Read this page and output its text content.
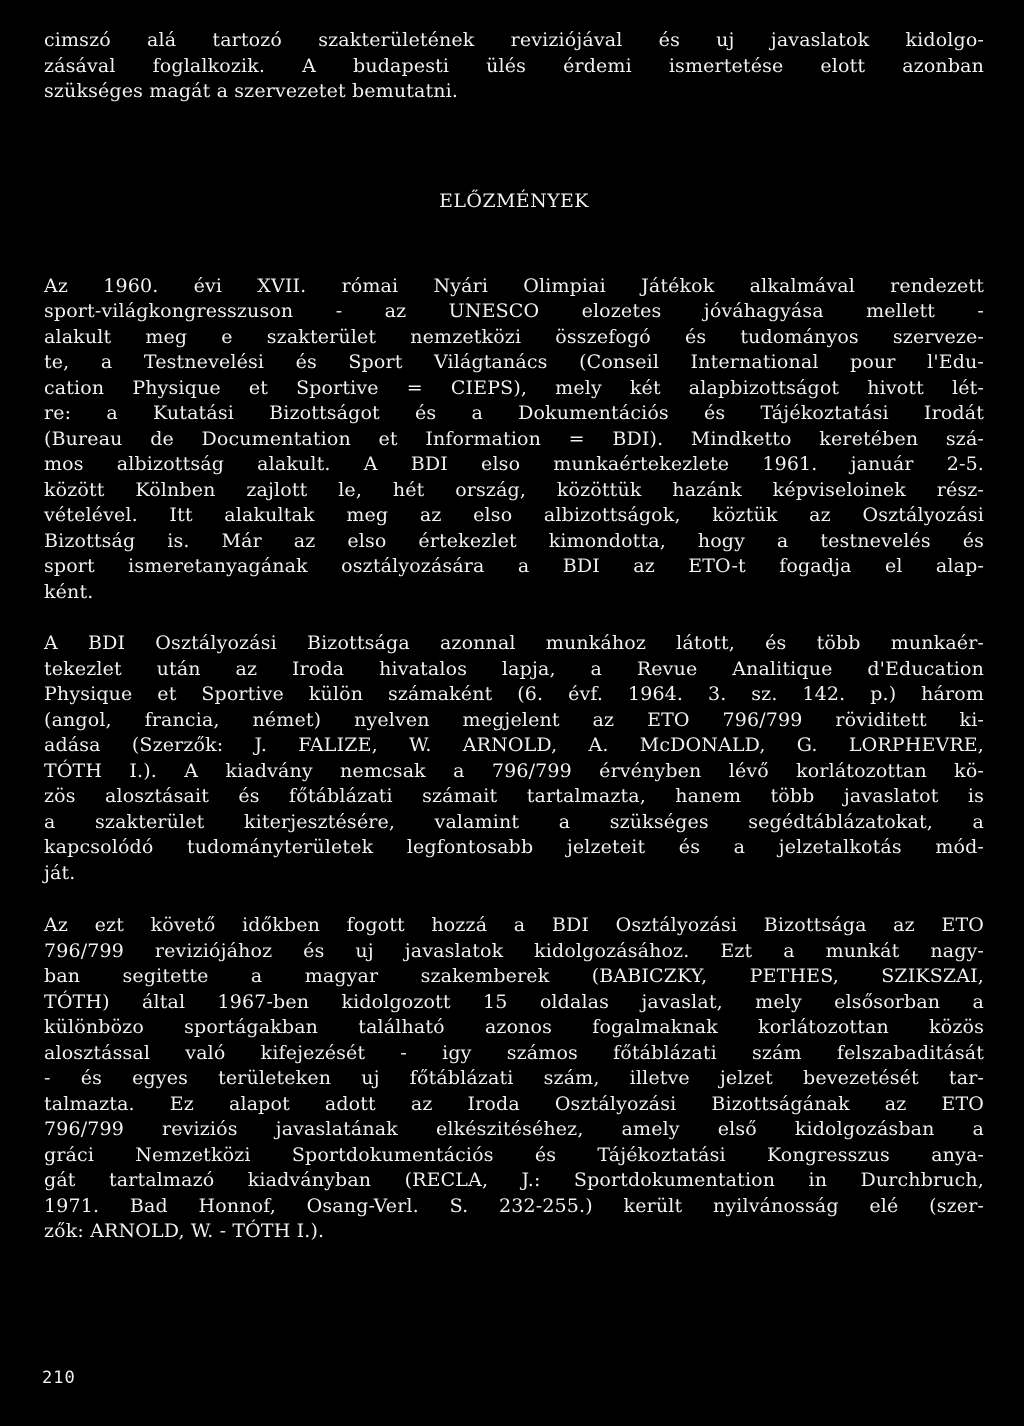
cimszó alá tartozó szakterületének reviziójával és uj javaslatok kidolgo-
zásával foglalkozik. A budapesti ülés érdemi ismertetése elott azonban
szükséges magát a szervezetet bemutatni.
ELŐZMÉNYEK
Az 1960. évi XVII. római Nyári Olimpiai Játékok alkalmával rendezett
sport-világkongresszuson - az UNESCO elozetes jóváhagyása mellett -
alakult meg e szakterület nemzetközi összefogó és tudományos szerveze-
te, a Testnevelési és Sport Világtanács (Conseil International pour l'Edu-
cation Physique et Sportive = CIEPS), mely két alapbizottságot hivott lét-
re: a Kutatási Bizottságot és a Dokumentációs és Tájékoztatási Irodát
(Bureau de Documentation et Information = BDI). Mindketto keretében szá-
mos albizottság alakult. A BDI elso munkaértekezlete 1961. január 2-5.
között Kölnben zajlott le, hét ország, közöttük hazánk képviseloinek rész-
vételével. Itt alakultak meg az elso albizottságok, köztük az Osztályozási
Bizottság is. Már az elso értekezlet kimondotta, hogy a testnevelés és
sport ismeretanyagának osztályozására a BDI az ETO-t fogadja el alap-
ként.
A BDI Osztályozási Bizottsága azonnal munkához látott, és több munkaér-
tekezlet után az Iroda hivatalos lapja, a Revue Analitique d'Education
Physique et Sportive külön számaként (6. évf. 1964. 3. sz. 142. p.) három
(angol, francia, német) nyelven megjelent az ETO 796/799 röviditett ki-
adása (Szerzők: J. FALIZE, W. ARNOLD, A. McDONALD, G. LORPHEVRE,
TÓTH I.). A kiadvány nemcsak a 796/799 érvényben lévő korlátozottan kö-
zös alosztásait és főtáblázati számait tartalmazta, hanem több javaslatot is
a szakterület kiterjesztésére, valamint a szükséges segédtáblázatokat, a
kapcsolódó tudományterületek legfontosabb jelzeteit és a jelzetalkotás mód-
ját.
Az ezt követő időkben fogott hozzá a BDI Osztályozási Bizottsága az ETO
796/799 reviziójához és uj javaslatok kidolgozásához. Ezt a munkát nagy-
ban segitette a magyar szakemberek (BABICZKY, PETHES, SZIKSZAI,
TÓTH) által 1967-ben kidolgozott 15 oldalas javaslat, mely elsősorban a
különbözo sportágakban található azonos fogalmaknak korlátozottan közös
alosztással való kifejezését - igy számos főtáblázati szám felszabaditását
- és egyes területeken uj főtáblázati szám, illetve jelzet bevezetését tar-
talmazta. Ez alapot adott az Iroda Osztályozási Bizottságának az ETO
796/799 reviziós javaslatának elkészitéséhez, amely első kidolgozásban a
gráci Nemzetközi Sportdokumentációs és Tájékoztatási Kongresszus anya-
gát tartalmazó kiadványban (RECLA, J.: Sportdokumentation in Durchbruch,
1971. Bad Honnof, Osang-Verl. S. 232-255.) került nyilvánosság elé (szer-
zők: ARNOLD, W. - TÓTH I.).
210
